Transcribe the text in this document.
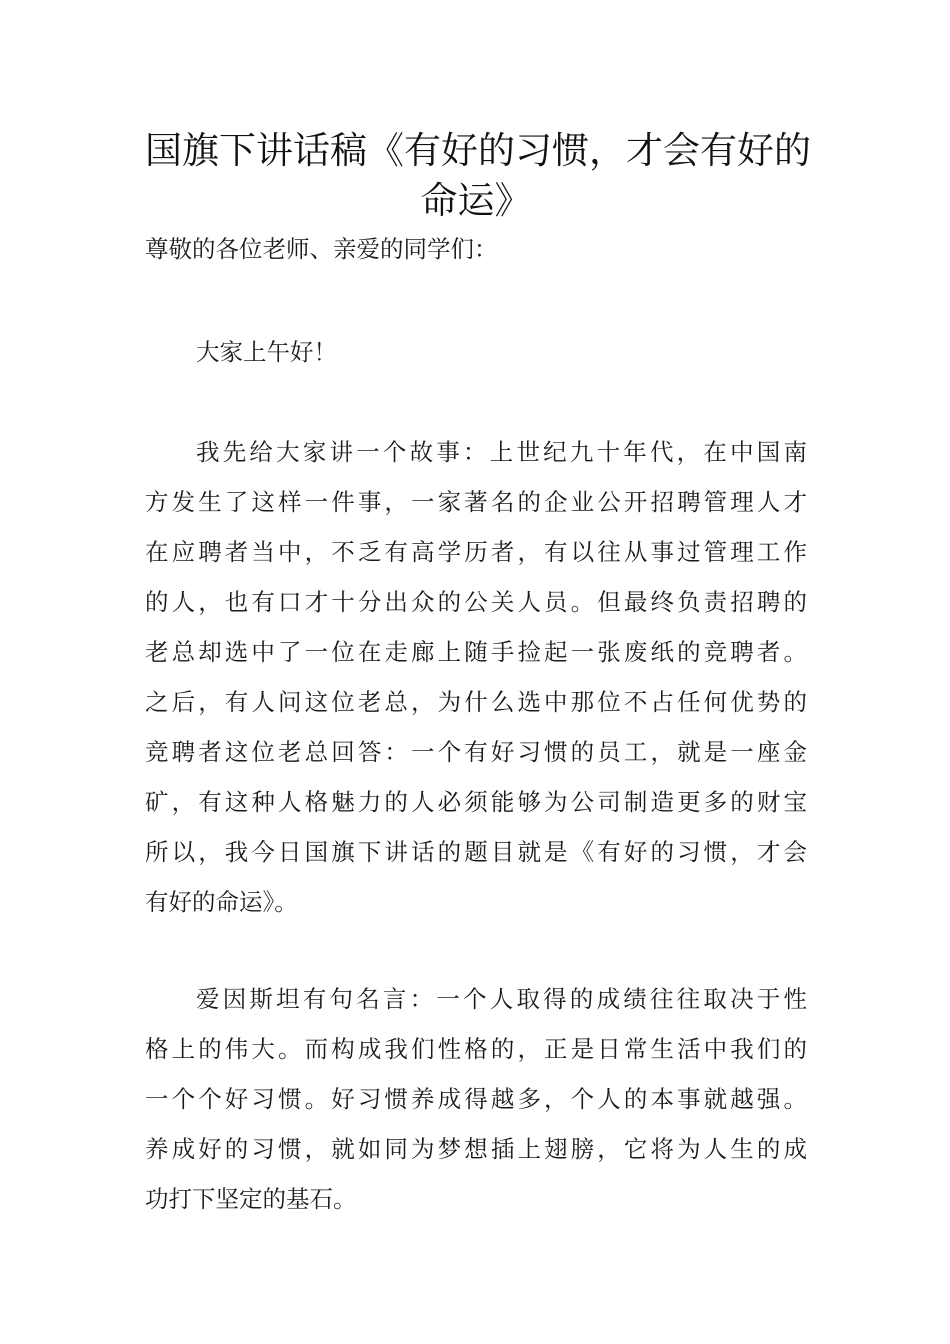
国旗下讲话稿《有好的习惯，才会有好的
命运》

尊敬的各位老师、亲爱的同学们：

大家上午好！

我先给大家讲一个故事：上世纪九十年代，在中国南
方发生了这样一件事，一家著名的企业公开招聘管理人才
在应聘者当中，不乏有高学历者，有以往从事过管理工作
的人，也有口才十分出众的公关人员。但最终负责招聘的
老总却选中了一位在走廊上随手捡起一张废纸的竞聘者。
之后，有人问这位老总，为什么选中那位不占任何优势的
竞聘者这位老总回答：一个有好习惯的员工，就是一座金
矿，有这种人格魅力的人必须能够为公司制造更多的财宝
所以，我今日国旗下讲话的题目就是《有好的习惯，才会
有好的命运》。
爱因斯坦有句名言：一个人取得的成绩往往取决于性
格上的伟大。而构成我们性格的，正是日常生活中我们的
一个个好习惯。好习惯养成得越多，个人的本事就越强。
养成好的习惯，就如同为梦想插上翅膀，它将为人生的成
功打下坚定的基石。
